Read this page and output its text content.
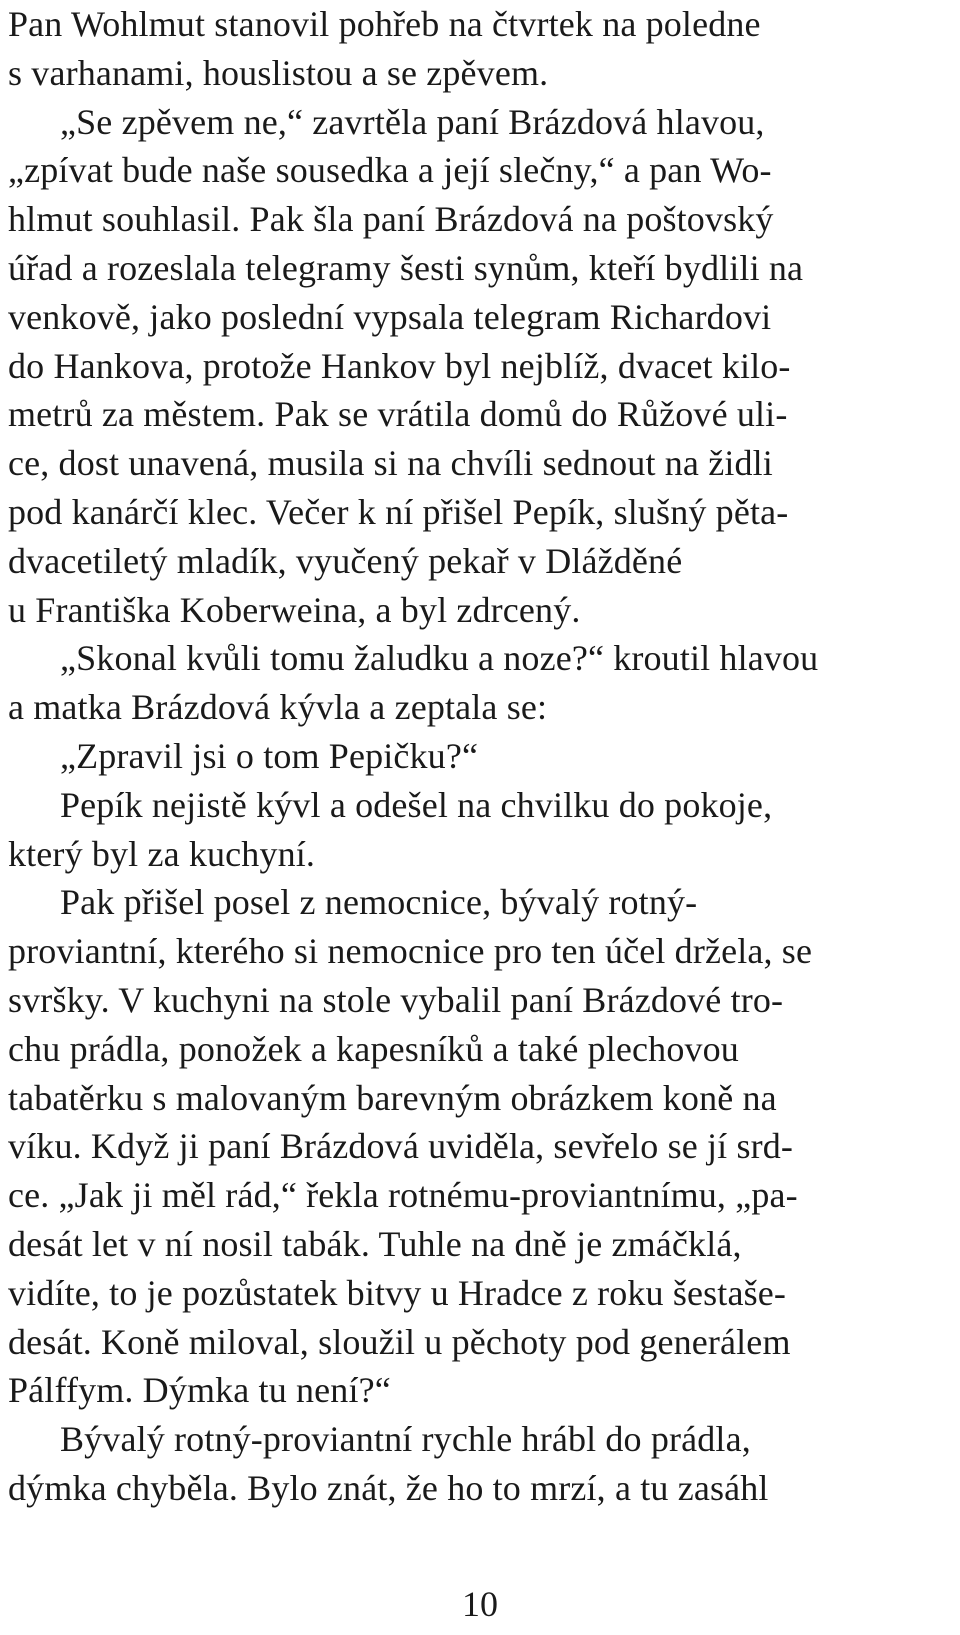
Pan Wohlmut stanovil pohřeb na čtvrtek na poledne
s varhanami, houslistou a se zpěvem.
„Se zpěvem ne,“ zavrtěla paní Brázdová hlavou,
„zpívat bude naše sousedka a její slečny,“ a pan Wo-
hlmut souhlasil. Pak šla paní Brázdová na poštovský
úřad a rozeslala telegramy šesti synům, kteří bydlili na
venkově, jako poslední vypsala telegram Richardovi
do Hankova, protože Hankov byl nejblíž, dvacet kilo-
metrů za městem. Pak se vrátila domů do Růžové uli-
ce, dost unavená, musila si na chvíli sednout na židli
pod kanárčí klec. Večer k ní přišel Pepík, slušný pěta-
dvacetiletý mladík, vyučený pekař v Dlážděné
u Františka Koberweina, a byl zdrcený.
„Skonal kvůli tomu žaludku a noze?“ kroutil hlavou
a matka Brázdová kývla a zeptala se:
„Zpravil jsi o tom Pepičku?“
Pepík nejistě kývl a odešel na chvilku do pokoje,
který byl za kuchyní.
Pak přišel posel z nemocnice, bývalý rotný-
proviantní, kterého si nemocnice pro ten účel držela, se
svršky. V kuchyni na stole vybalil paní Brázdové tro-
chu prádla, ponožek a kapesníků a také plechovou
tabatěrku s malovaným barevným obrázkem koně na
víku. Když ji paní Brázdová uviděla, sevřelo se jí srd-
ce. „Jak ji měl rád,“ řekla rotnému-proviantnímu, „pa-
desát let v ní nosil tabák. Tuhle na dně je zmáčklá,
vidíte, to je pozůstatek bitvy u Hradce z roku šestaše-
desát. Koně miloval, sloužil u pěchoty pod generálem
Pálffym. Dýmka tu není?“
Bývalý rotný-proviantní rychle hrábl do prádla,
dýmka chyběla. Bylo znát, že ho to mrzí, a tu zasáhl
10
